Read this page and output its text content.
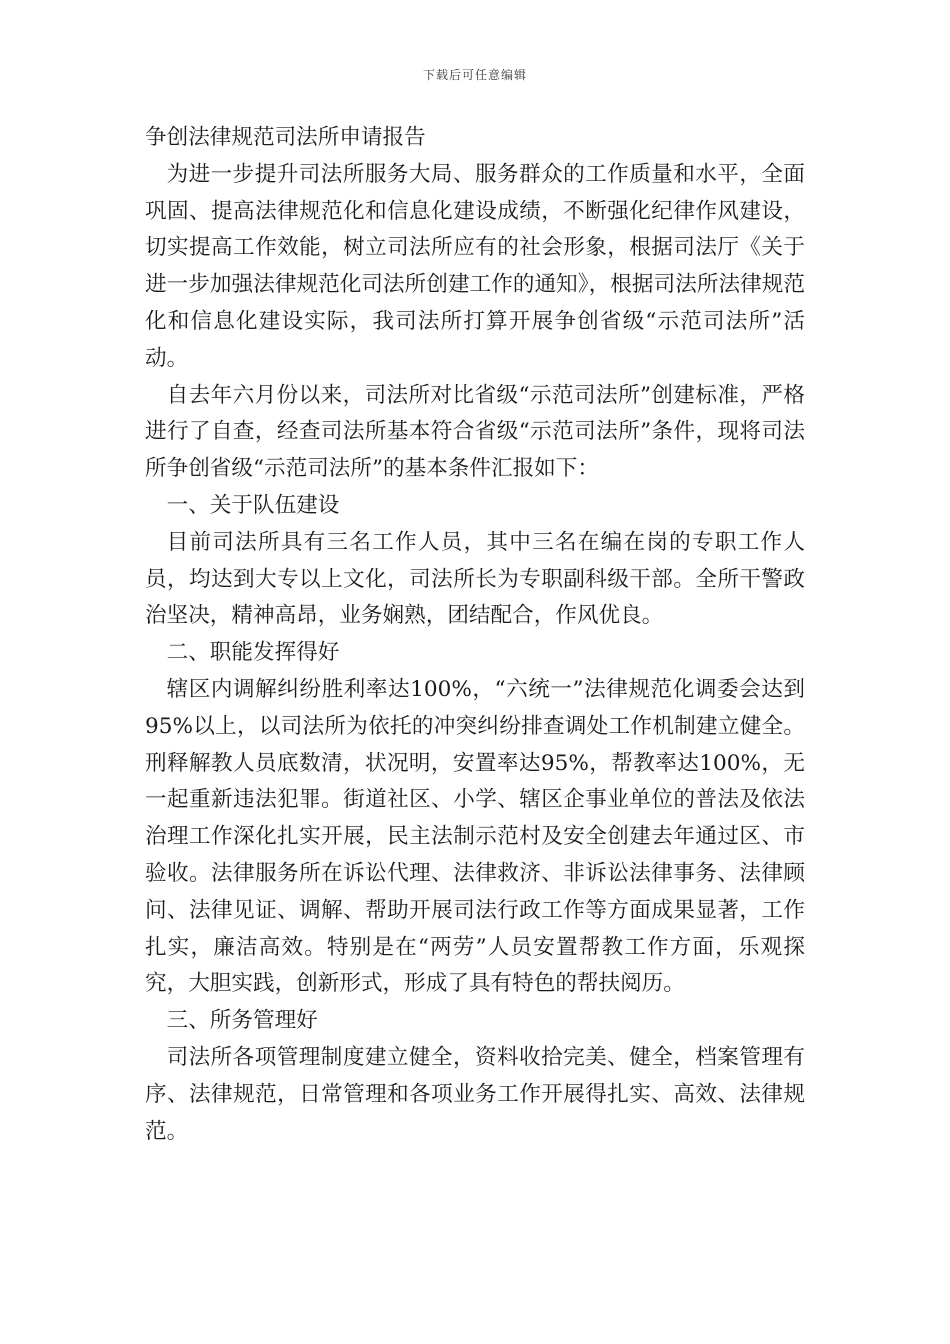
下载后可任意编辑

争创法律规范司法所申请报告

为进一步提升司法所服务大局、服务群众的工作质量和水平，全面巩固、提高法律规范化和信息化建设成绩，不断强化纪律作风建设，切实提高工作效能，树立司法所应有的社会形象，根据司法厅《关于进一步加强法律规范化司法所创建工作的通知》，根据司法所法律规范化和信息化建设实际，我司法所打算开展争创省级“示范司法所”活动。

自去年六月份以来，司法所对比省级“示范司法所”创建标准，严格进行了自查，经查司法所基本符合省级“示范司法所”条件，现将司法所争创省级“示范司法所”的基本条件汇报如下：

一、关于队伍建设

目前司法所具有三名工作人员，其中三名在编在岗的专职工作人员，均达到大专以上文化，司法所长为专职副科级干部。全所干警政治坚决，精神高昂，业务娴熟，团结配合，作风优良。

二、职能发挥得好

辖区内调解纠纷胜利率达100%，“六统一”法律规范化调委会达到95%以上，以司法所为依托的冲突纠纷排查调处工作机制建立健全。刑释解教人员底数清，状况明，安置率达95%，帮教率达100%，无一起重新违法犯罪。街道社区、小学、辖区企事业单位的普法及依法治理工作深化扎实开展，民主法制示范村及安全创建去年通过区、市验收。法律服务所在诉讼代理、法律救济、非诉讼法律事务、法律顾问、法律见证、调解、帮助开展司法行政工作等方面成果显著，工作扎实，廉洁高效。特别是在“两劳”人员安置帮教工作方面，乐观探究，大胆实践，创新形式，形成了具有特色的帮扶阅历。

三、所务管理好

司法所各项管理制度建立健全，资料收拾完美、健全，档案管理有序、法律规范，日常管理和各项业务工作开展得扎实、高效、法律规范。
